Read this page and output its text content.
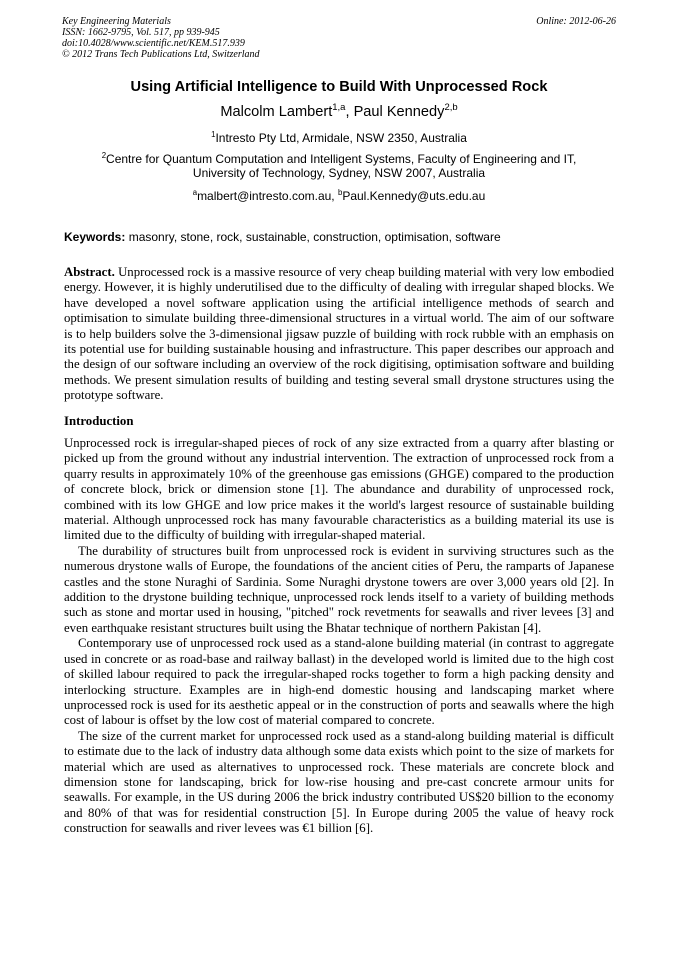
Key Engineering Materials
ISSN: 1662-9795, Vol. 517, pp 939-945
doi:10.4028/www.scientific.net/KEM.517.939
© 2012 Trans Tech Publications Ltd, Switzerland
Online: 2012-06-26
Using Artificial Intelligence to Build With Unprocessed Rock
Malcolm Lambert$^{1,a}$, Paul Kennedy$^{2,b}$
$^1$Intresto Pty Ltd, Armidale, NSW 2350, Australia
$^2$Centre for Quantum Computation and Intelligent Systems, Faculty of Engineering and IT,
University of Technology, Sydney, NSW 2007, Australia
$^a$malbert@intresto.com.au, $^b$Paul.Kennedy@uts.edu.au
Keywords: masonry, stone, rock, sustainable, construction, optimisation, software
Abstract. Unprocessed rock is a massive resource of very cheap building material with very low embodied energy. However, it is highly underutilised due to the difficulty of dealing with irregular shaped blocks. We have developed a novel software application using the artificial intelligence methods of search and optimisation to simulate building three-dimensional structures in a virtual world. The aim of our software is to help builders solve the 3-dimensional jigsaw puzzle of building with rock rubble with an emphasis on its potential use for building sustainable housing and infrastructure. This paper describes our approach and the design of our software including an overview of the rock digitising, optimisation software and building methods. We present simulation results of building and testing several small drystone structures using the prototype software.
Introduction

Unprocessed rock is irregular-shaped pieces of rock of any size extracted from a quarry after blasting or picked up from the ground without any industrial intervention. The extraction of unprocessed rock from a quarry results in approximately 10% of the greenhouse gas emissions (GHGE) compared to the production of concrete block, brick or dimension stone [1]. The abundance and durability of unprocessed rock, combined with its low GHGE and low price makes it the world's largest resource of sustainable building material. Although unprocessed rock has many favourable characteristics as a building material its use is limited due to the difficulty of building with irregular-shaped material.

The durability of structures built from unprocessed rock is evident in surviving structures such as the numerous drystone walls of Europe, the foundations of the ancient cities of Peru, the ramparts of Japanese castles and the stone Nuraghi of Sardinia. Some Nuraghi drystone towers are over 3,000 years old [2]. In addition to the drystone building technique, unprocessed rock lends itself to a variety of building methods such as stone and mortar used in housing, "pitched" rock revetments for seawalls and river levees [3] and even earthquake resistant structures built using the Bhatar technique of northern Pakistan [4].

Contemporary use of unprocessed rock used as a stand-alone building material (in contrast to aggregate used in concrete or as road-base and railway ballast) in the developed world is limited due to the high cost of skilled labour required to pack the irregular-shaped rocks together to form a high packing density and interlocking structure. Examples are in high-end domestic housing and landscaping market where unprocessed rock is used for its aesthetic appeal or in the construction of ports and seawalls where the high cost of labour is offset by the low cost of material compared to concrete.

The size of the current market for unprocessed rock used as a stand-along building material is difficult to estimate due to the lack of industry data although some data exists which point to the size of markets for material which are used as alternatives to unprocessed rock. These materials are concrete block and dimension stone for landscaping, brick for low-rise housing and pre-cast concrete armour units for seawalls. For example, in the US during 2006 the brick industry contributed US$20 billion to the economy and 80% of that was for residential construction [5]. In Europe during 2005 the value of heavy rock construction for seawalls and river levees was €1 billion [6].
